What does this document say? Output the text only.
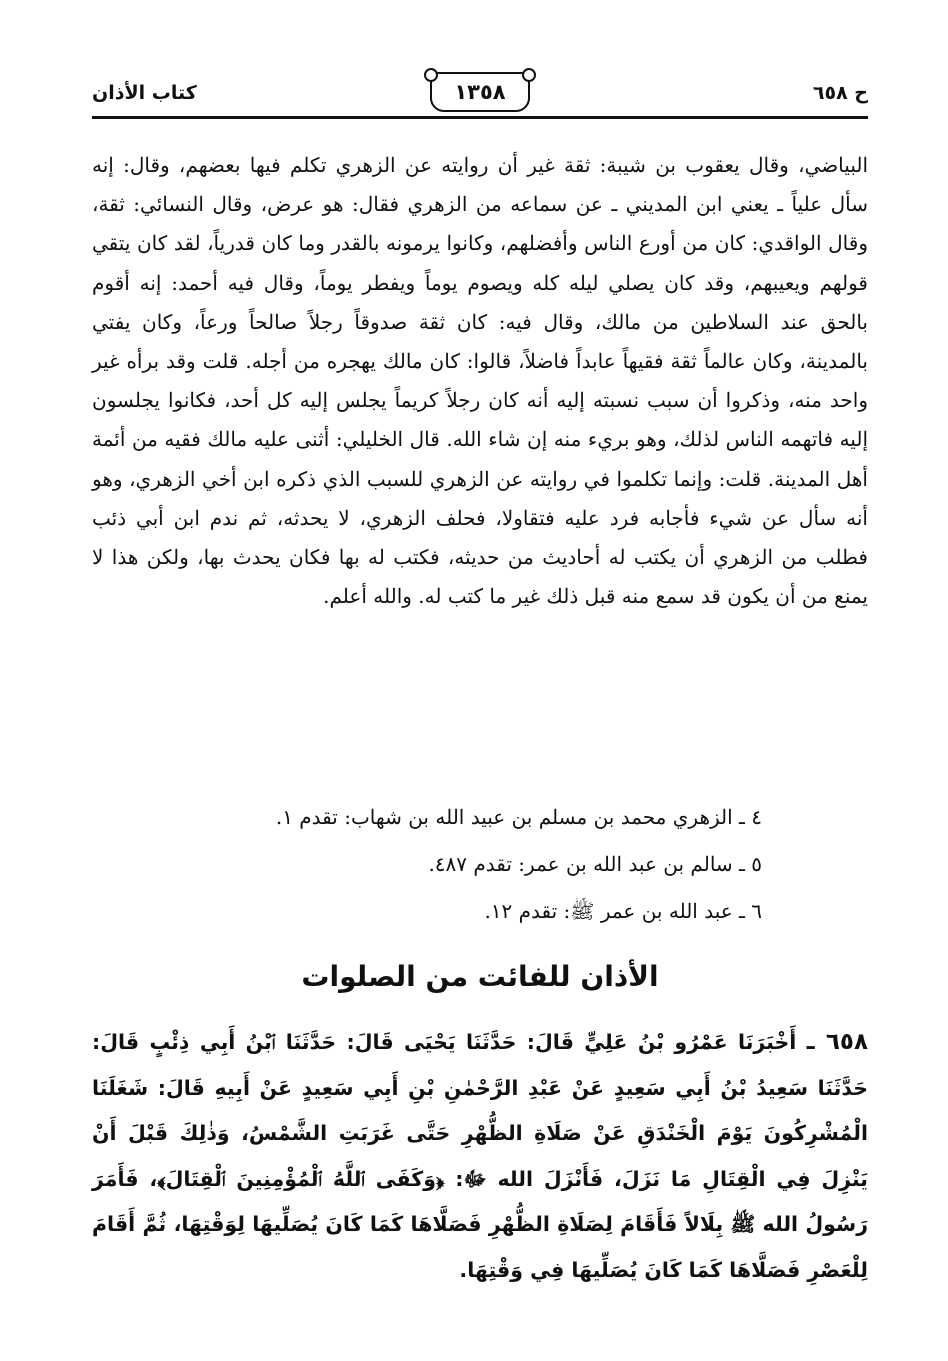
ح ٦٥٨
١٣٥٨
كتاب الأذان

البياضي، وقال يعقوب بن شيبة: ثقة غير أن روايته عن الزهري تكلم فيها بعضهم، وقال: إنه سأل علياً ـ يعني ابن المديني ـ عن سماعه من الزهري فقال: هو عرض، وقال النسائي: ثقة، وقال الواقدي: كان من أورع الناس وأفضلهم، وكانوا يرمونه بالقدر وما كان قدرياً، لقد كان يتقي قولهم ويعيبهم، وقد كان يصلي ليله كله ويصوم يوماً ويفطر يوماً، وقال فيه أحمد: إنه أقوم بالحق عند السلاطين من مالك، وقال فيه: كان ثقة صدوقاً رجلاً صالحاً ورعاً، وكان يفتي بالمدينة، وكان عالماً ثقة فقيهاً عابداً فاضلاً، قالوا: كان مالك يهجره من أجله. قلت وقد برأه غير واحد منه، وذكروا أن سبب نسبته إليه أنه كان رجلاً كريماً يجلس إليه كل أحد، فكانوا يجلسون إليه فاتهمه الناس لذلك، وهو بريء منه إن شاء الله. قال الخليلي: أثنى عليه مالك فقيه من أئمة أهل المدينة. قلت: وإنما تكلموا في روايته عن الزهري للسبب الذي ذكره ابن أخي الزهري، وهو أنه سأل عن شيء فأجابه فرد عليه فتقاولا، فحلف الزهري، لا يحدثه، ثم ندم ابن أبي ذئب فطلب من الزهري أن يكتب له أحاديث من حديثه، فكتب له بها فكان يحدث بها، ولكن هذا لا يمنع من أن يكون قد سمع منه قبل ذلك غير ما كتب له. والله أعلم.

٤ ـ الزهري محمد بن مسلم بن عبيد الله بن شهاب: تقدم ١.
٥ ـ سالم بن عبد الله بن عمر: تقدم ٤٨٧.
٦ ـ عبد الله بن عمر ﷺ: تقدم ١٢.
الأذان للفائت من الصلوات

٦٥٨ ـ أَخْبَرَنَا عَمْرُو بْنُ عَلِيٍّ قَالَ: حَدَّثَنَا يَحْيَى قَالَ: حَدَّثَنَا ٱبْنُ أَبِي ذِئْبٍ قَالَ: حَدَّثَنَا سَعِيدُ بْنُ أَبِي سَعِيدٍ عَنْ عَبْدِ الرَّحْمٰنِ بْنِ أَبِي سَعِيدٍ عَنْ أَبِيهِ قَالَ: شَغَلَنَا الْمُشْرِكُونَ يَوْمَ الْخَنْدَقِ عَنْ صَلَاةِ الظُّهْرِ حَتَّى غَرَبَتِ الشَّمْسُ، وَذٰلِكَ قَبْلَ أَنْ يَنْزِلَ فِي الْقِتَالِ مَا نَزَلَ، فَأَنْزَلَ الله ﷻ: ﴿وَكَفَى ٱللَّهُ ٱلْمُؤْمِنِينَ ٱلْقِتَالَ﴾، فَأَمَرَ رَسُولُ الله ﷺ بِلَالاً فَأَقَامَ لِصَلَاةِ الظُّهْرِ فَصَلَّاهَا كَمَا كَانَ يُصَلِّيهَا لِوَقْتِهَا، ثُمَّ أَقَامَ لِلْعَصْرِ فَصَلَّاهَا كَمَا كَانَ يُصَلِّيهَا فِي وَقْتِهَا.
